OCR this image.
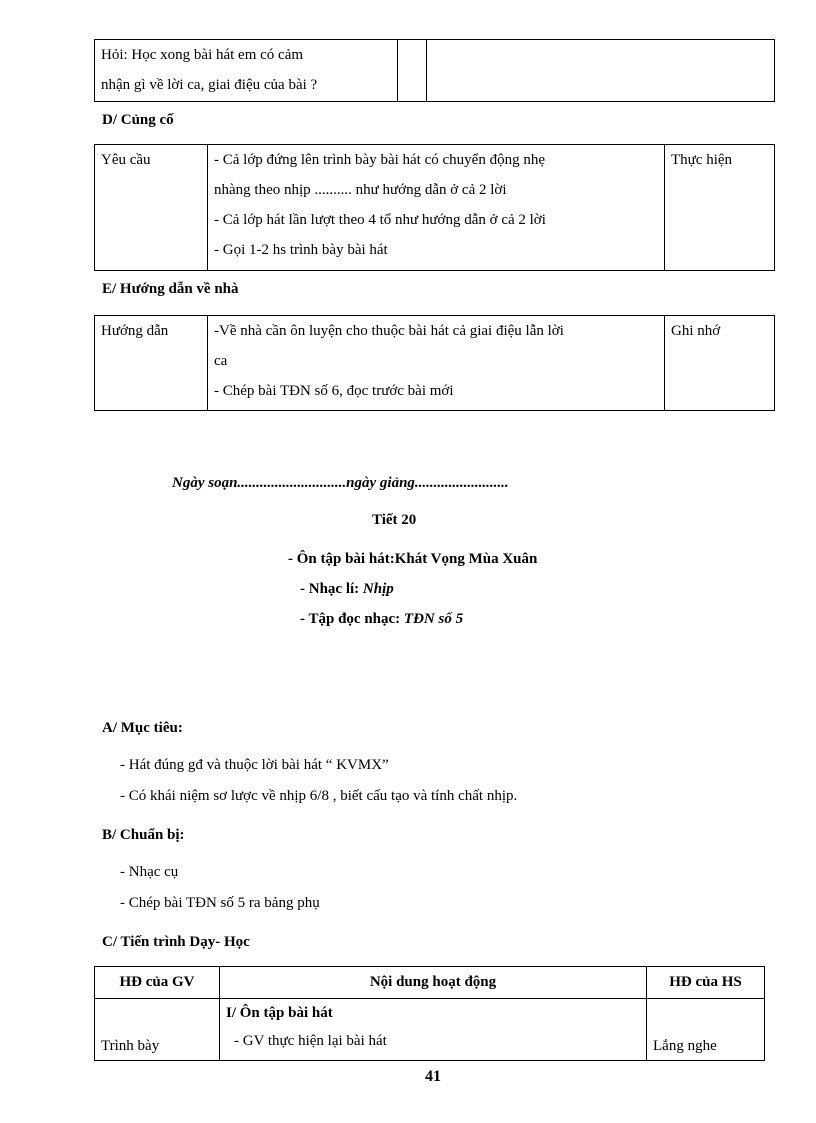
Hỏi: Học xong bài hát em có cảm
nhận gì về lời ca, giai điệu của bài ?

D/ Củng cố
Yêu cầu	- Cả lớp đứng lên trình bày bài hát có chuyển động nhẹ
nhàng theo nhịp .......... như hướng dẫn ở cả 2 lời
- Cả lớp hát lần lượt theo 4 tổ như hướng dẫn ở cả 2 lời
- Gọi 1-2 hs trình bày bài hát
	Thực hiện
E/ Hướng dẫn về nhà
Hướng dẫn	-Về nhà cần ôn luyện cho thuộc bài hát cả giai điệu lẫn lời
ca
- Chép bài TĐN số 6, đọc trước bài mới
	Ghi nhớ
Ngày soạn.............................ngày giảng.........................
Tiết 20
- Ôn tập bài hát:Khát Vọng Mùa Xuân
- Nhạc lí: Nhịp
- Tập đọc nhạc: TĐN số 5
A/ Mục tiêu:
- Hát đúng gđ và thuộc lời bài hát “ KVMX”
- Có khái niệm sơ lược về nhịp 6/8 , biết cấu tạo và tính chất nhịp.
B/ Chuẩn bị:
- Nhạc cụ
- Chép bài TĐN số 5 ra bảng phụ
C/ Tiến trình Dạy- Học
HĐ của GV	Nội dung hoạt động	HĐ của HS
Trình bày	I/ Ôn tập bài hát
- GV thực hiện lại bài hát	Lắng nghe
41
